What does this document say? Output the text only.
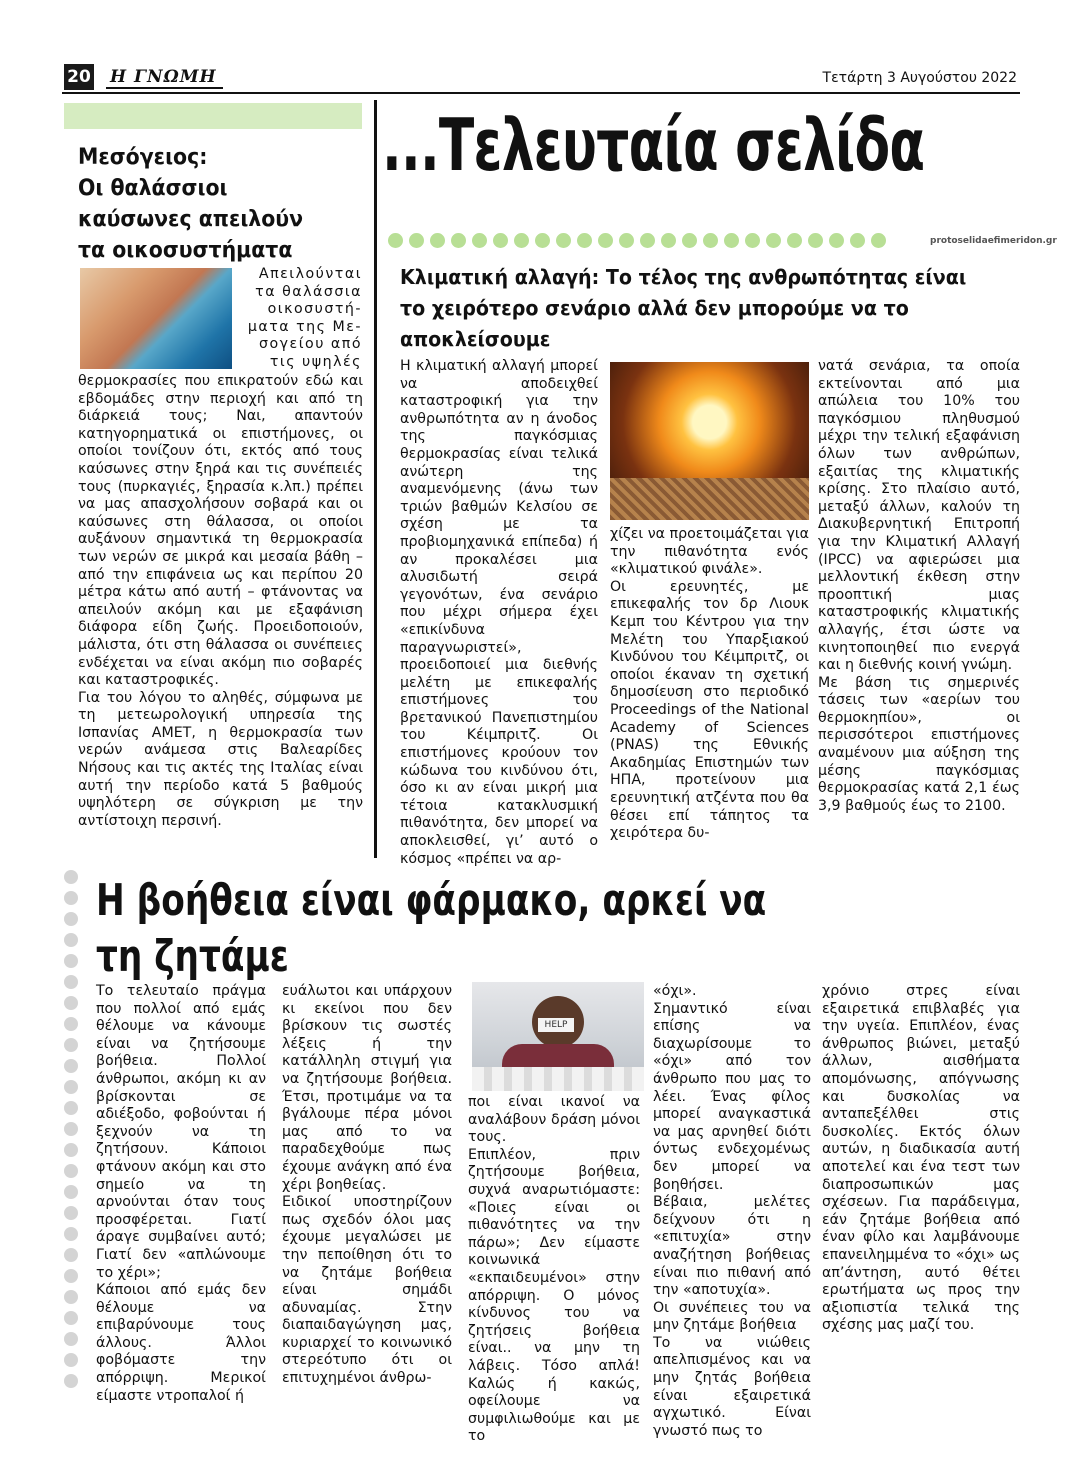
20 Η ΓΝΩΜΗ	Τετάρτη 3 Αυγούστου 2022
...Τελευταία σελίδα
protoselidaefimeridon.gr
Μεσόγειος:
Οι θαλάσσιοι
καύσωνες απειλούν
τα οικοσυστήματα

Απειλούνται

τα θαλάσσια

οικοσυστή-

ματα της Με-

σογείου από

τις υψηλές

θερμοκρασίες που επικρατούν εδώ και εβδομάδες στην περιοχή και από τη διάρκειά τους; Ναι, απαντούν κατηγορηματικά οι επιστήμονες, οι οποίοι τονίζουν ότι, εκτός από τους καύσωνες στην ξηρά και τις συνέπειές τους (πυρκαγιές, ξηρασία κ.λπ.) πρέπει να μας απασχολήσουν σοβαρά και οι καύσωνες στη θάλασσα, οι οποίοι αυξάνουν σημαντικά τη θερμοκρασία των νερών σε μικρά και μεσαία βάθη – από την επιφάνεια ως και περίπου 20 μέτρα κάτω από αυτή – φτάνοντας να απειλούν ακόμη και με εξαφάνιση διάφορα είδη ζωής. Προειδοποιούν, μάλιστα, ότι στη θάλασσα οι συνέπειες ενδέχεται να είναι ακόμη πιο σοβαρές και καταστροφικές.

Για του λόγου το αληθές, σύμφωνα με τη μετεωρολογική υπηρεσία της Ισπανίας ΑΜΕΤ, η θερμοκρασία των νερών ανάμεσα στις Βαλεαρίδες Νήσους και τις ακτές της Ιταλίας είναι αυτή την περίοδο κατά 5 βαθμούς υψηλότερη σε σύγκριση με την αντίστοιχη περσινή.

Κλιματική αλλαγή: Το τέλος της ανθρωπότητας είναι το χειρότερο σενάριο αλλά δεν μπορούμε να το αποκλείσουμε

Η κλιματική αλλαγή μπορεί να αποδειχθεί καταστροφική για την ανθρωπότητα αν η άνοδος της παγκόσμιας θερμοκρασίας είναι τελικά ανώτερη της αναμενόμενης (άνω των τριών βαθμών Κελσίου σε σχέση με τα προβιομηχανικά επίπεδα) ή αν προκαλέσει μια αλυσιδωτή σειρά γεγονότων, ένα σενάριο που μέχρι σήμερα έχει «επικίνδυνα παραγνωριστεί», προειδοποιεί μια διεθνής μελέτη με επικεφαλής επιστήμονες του βρετανικού Πανεπιστημίου του Κέιμπριτζ. Οι επιστήμονες κρούουν τον κώδωνα του κινδύνου ότι, όσο κι αν είναι μικρή μια τέτοια κατακλυσμική πιθανότητα, δεν μπορεί να αποκλεισθεί, γι’ αυτό ο κόσμος «πρέπει να αρ-

χίζει να προετοιμάζεται για την πιθανότητα ενός «κλιματικού φινάλε».

Οι ερευνητές, με επικεφαλής τον δρ Λιουκ Κεμπ του Κέντρου για την Μελέτη του Υπαρξιακού Κινδύνου του Κέιμπριτζ, οι οποίοι έκαναν τη σχετική δημοσίευση στο περιοδικό Proceedings of the National Academy of Sciences (PNAS) της Εθνικής Ακαδημίας Επιστημών των ΗΠΑ, προτείνουν μια ερευνητική ατζέντα που θα θέσει επί τάπητος τα χειρότερα δυ-

νατά σενάρια, τα οποία εκτείνονται από μια απώλεια του 10% του παγκόσμιου πληθυσμού μέχρι την τελική εξαφάνιση όλων των ανθρώπων, εξαιτίας της κλιματικής κρίσης. Στο πλαίσιο αυτό, μεταξύ άλλων, καλούν τη Διακυβερνητική Επιτροπή για την Κλιματική Αλλαγή (IPCC) να αφιερώσει μια μελλοντική έκθεση στην προοπτική μιας καταστροφικής κλιματικής αλλαγής, έτσι ώστε να κινητοποιηθεί πιο ενεργά και η διεθνής κοινή γνώμη.

Με βάση τις σημερινές τάσεις των «αερίων του θερμοκηπίου», οι περισσότεροι επιστήμονες αναμένουν μια αύξηση της μέσης παγκόσμιας θερμοκρασίας κατά 2,1 έως 3,9 βαθμούς έως το 2100.

Η βοήθεια είναι φάρμακο, αρκεί να
τη ζητάμε

Το τελευταίο πράγμα που πολλοί από εμάς θέλουμε να κάνουμε είναι να ζητήσουμε βοήθεια. Πολλοί άνθρωποι, ακόμη κι αν βρίσκονται σε αδιέξοδο, φοβούνται ή ξεχνούν να τη ζητήσουν. Κάποιοι φτάνουν ακόμη και στο σημείο να τη αρνούνται όταν τους προσφέρεται. Γιατί άραγε συμβαίνει αυτό; Γιατί δεν «απλώνουμε το χέρι»;

Κάποιοι από εμάς δεν θέλουμε να επιβαρύνουμε τους άλλους. Άλλοι φοβόμαστε την απόρριψη. Μερικοί είμαστε ντροπαλοί ή

ευάλωτοι και υπάρχουν κι εκείνοι που δεν βρίσκουν τις σωστές λέξεις ή την κατάλληλη στιγμή για να ζητήσουμε βοήθεια. Έτσι, προτιμάμε να τα βγάλουμε πέρα μόνοι μας από το να παραδεχθούμε πως έχουμε ανάγκη από ένα χέρι βοηθείας.

Ειδικοί υποστηρίζουν πως σχεδόν όλοι μας έχουμε μεγαλώσει με την πεποίθηση ότι το να ζητάμε βοήθεια είναι σημάδι αδυναμίας. Στην διαπαιδαγώγηση μας, κυριαρχεί το κοινωνικό στερεότυπο ότι οι επιτυχημένοι άνθρω-

HELP

ποι είναι ικανοί να αναλάβουν δράση μόνοι τους.

Επιπλέον, πριν ζητήσουμε βοήθεια, συχνά αναρωτιόμαστε: «Ποιες είναι οι πιθανότητες να την πάρω»; Δεν είμαστε κοινωνικά «εκπαιδευμένοι» στην απόρριψη. Ο μόνος κίνδυνος του να ζητήσεις βοήθεια είναι.. να μην τη λάβεις. Τόσο απλά! Καλώς ή κακώς, οφείλουμε να συμφιλιωθούμε και με το

«όχι».

Σημαντικό είναι επίσης να διαχωρίσουμε το «όχι» από τον άνθρωπο που μας το λέει. Ένας φίλος μπορεί αναγκαστικά να μας αρνηθεί διότι όντως ενδεχομένως δεν μπορεί να βοηθήσει.

Βέβαια, μελέτες δείχνουν ότι η «επιτυχία» στην αναζήτηση βοήθειας είναι πιο πιθανή από την «αποτυχία».

Οι συνέπειες του να μην ζητάμε βοήθεια

Το να νιώθεις απελπισμένος και να μην ζητάς βοήθεια είναι εξαιρετικά αγχωτικό. Είναι γνωστό πως το

χρόνιο στρες είναι εξαιρετικά επιβλαβές για την υγεία. Επιπλέον, ένας άνθρωπος βιώνει, μεταξύ άλλων, αισθήματα απομόνωσης, απόγνωσης και δυσκολίας να ανταπεξέλθει στις δυσκολίες. Εκτός όλων αυτών, η διαδικασία αυτή αποτελεί και ένα τεστ των διαπροσωπικών μας σχέσεων. Για παράδειγμα, εάν ζητάμε βοήθεια από έναν φίλο και λαμβάνουμε επανειλημμένα το «όχι» ως απ’άντηση, αυτό θέτει ερωτήματα ως προς την αξιοπιστία τελικά της σχέσης μας μαζί του.
